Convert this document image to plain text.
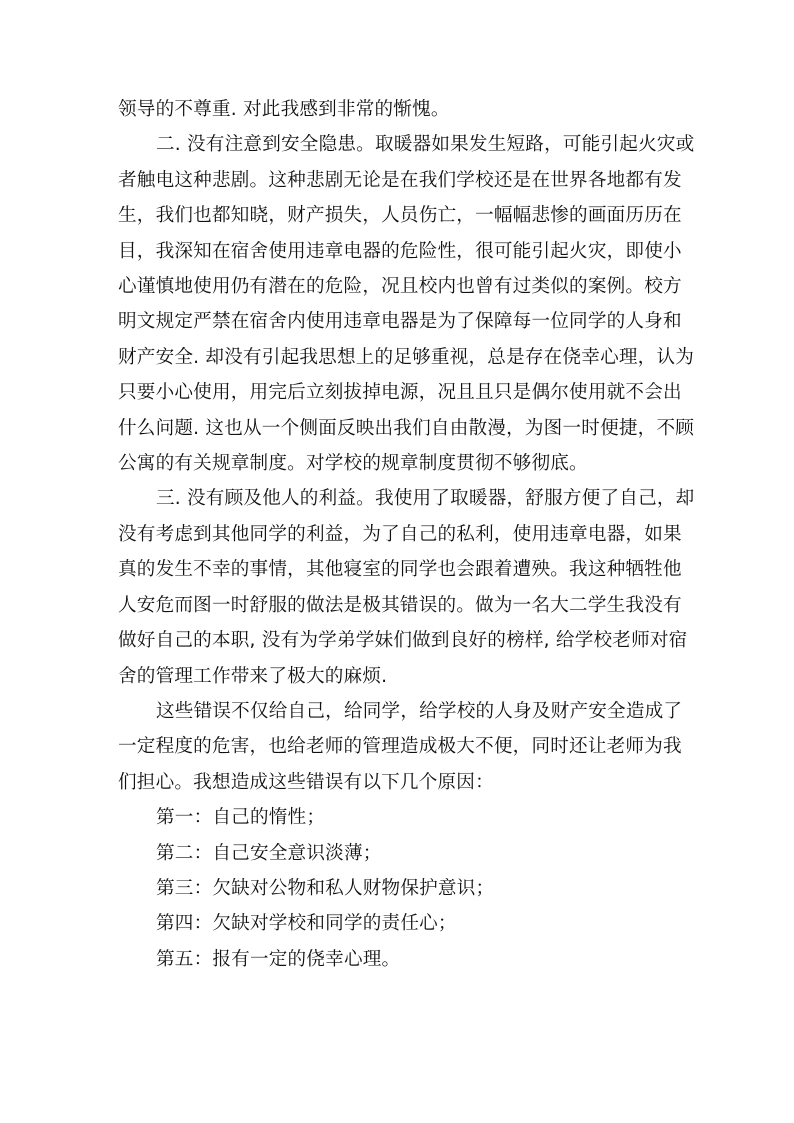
领导的不尊重. 对此我感到非常的惭愧。
二. 没有注意到安全隐患。取暖器如果发生短路，可能引起火灾或
者触电这种悲剧。这种悲剧无论是在我们学校还是在世界各地都有发
生，我们也都知晓，财产损失，人员伤亡，一幅幅悲惨的画面历历在
目，我深知在宿舍使用违章电器的危险性，很可能引起火灾，即使小
心谨慎地使用仍有潜在的危险，况且校内也曾有过类似的案例。校方
明文规定严禁在宿舍内使用违章电器是为了保障每一位同学的人身和
财产安全. 却没有引起我思想上的足够重视，总是存在侥幸心理，认为
只要小心使用，用完后立刻拔掉电源，况且且只是偶尔使用就不会出
什么问题. 这也从一个侧面反映出我们自由散漫，为图一时便捷，不顾
公寓的有关规章制度。对学校的规章制度贯彻不够彻底。
三. 没有顾及他人的利益。我使用了取暖器，舒服方便了自己，却
没有考虑到其他同学的利益，为了自己的私利，使用违章电器，如果
真的发生不幸的事情，其他寝室的同学也会跟着遭殃。我这种牺牲他
人安危而图一时舒服的做法是极其错误的。做为一名大二学生我没有
做好自己的本职, 没有为学弟学妹们做到良好的榜样, 给学校老师对宿
舍的管理工作带来了极大的麻烦.
这些错误不仅给自己，给同学，给学校的人身及财产安全造成了
一定程度的危害，也给老师的管理造成极大不便，同时还让老师为我
们担心。我想造成这些错误有以下几个原因：
第一：自己的惰性；
第二：自己安全意识淡薄；
第三：欠缺对公物和私人财物保护意识；
第四：欠缺对学校和同学的责任心；
第五：报有一定的侥幸心理。
